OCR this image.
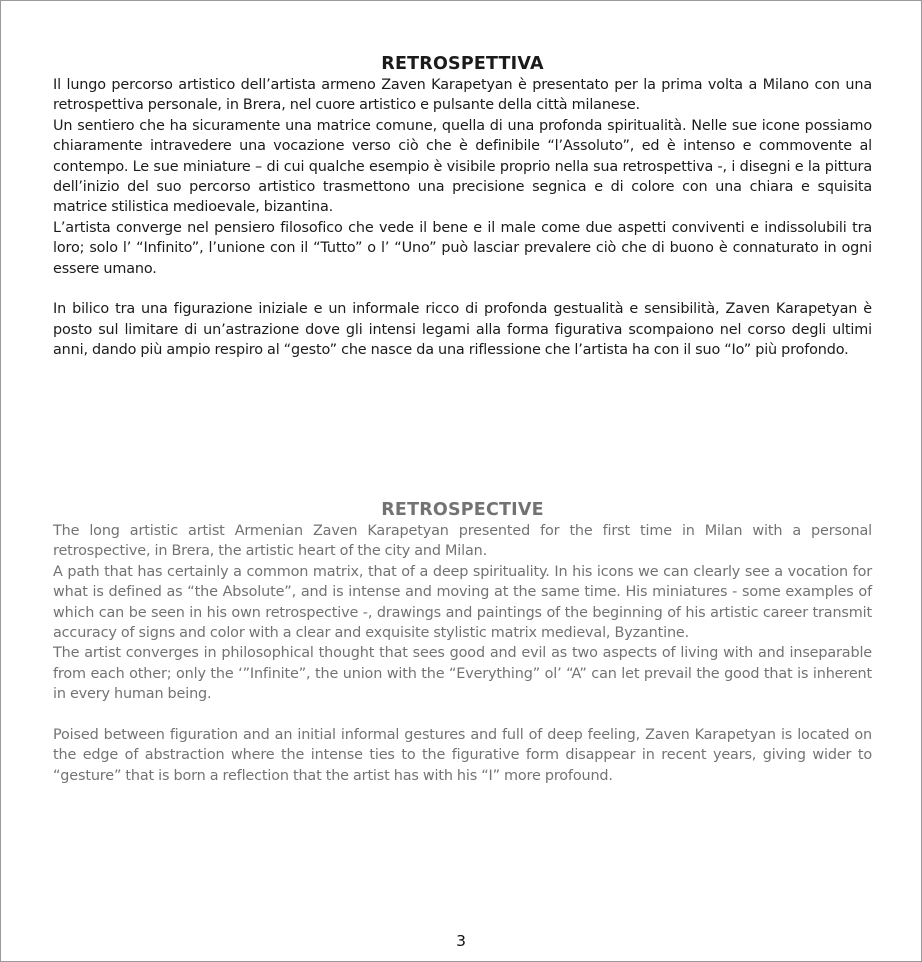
RETROSPETTIVA

Il lungo percorso artistico dell’artista armeno Zaven Karapetyan è presentato per la prima volta a Milano con una retrospettiva personale, in Brera, nel cuore artistico e pulsante della città milanese.

Un sentiero che ha sicuramente una matrice comune, quella di una profonda spiritualità. Nelle sue icone possiamo chiaramente intravedere una vocazione verso ciò che è definibile “l’Assoluto”, ed è intenso e commovente al contempo. Le sue miniature – di cui qualche esempio è visibile proprio nella sua retrospettiva -, i disegni e la pittura dell’inizio del suo percorso artistico trasmettono una precisione segnica e di colore con una chiara e squisita matrice stilistica medioevale, bizantina.

L’artista converge nel pensiero filosofico che vede il bene e il male come due aspetti conviventi e indissolubili tra loro; solo l’ “Infinito”, l’unione con il “Tutto” o l’ “Uno” può lasciar prevalere ciò che di buono è connaturato in ogni essere umano.

In bilico tra una figurazione iniziale e un informale ricco di profonda gestualità e sensibilità, Zaven Karapetyan è posto sul limitare di un’astrazione dove gli intensi legami alla forma figurativa scompaiono nel corso degli ultimi anni, dando più ampio respiro al “gesto” che nasce da una riflessione che l’artista ha con il suo “Io” più profondo.

RETROSPECTIVE

The long artistic artist Armenian Zaven Karapetyan presented for the first time in Milan with a personal retrospective, in Brera, the artistic heart of the city and Milan.

A path that has certainly a common matrix, that of a deep spirituality. In his icons we can clearly see a vocation for what is defined as “the Absolute”, and is intense and moving at the same time. His miniatures - some examples of which can be seen in his own retrospective -, drawings and paintings of the beginning of his artistic career transmit accuracy of signs and color with a clear and exquisite stylistic matrix medieval, Byzantine.

The artist converges in philosophical thought that sees good and evil as two aspects of living with and inseparable from each other; only the ‘”Infinite”, the union with the “Everything” ol’ “A” can let prevail the good that is inherent in every human being.

Poised between figuration and an initial informal gestures and full of deep feeling, Zaven Karapetyan is located on the edge of abstraction where the intense ties to the figurative form disappear in recent years, giving wider to “gesture” that is born a reflection that the artist has with his “I” more profound.

3
